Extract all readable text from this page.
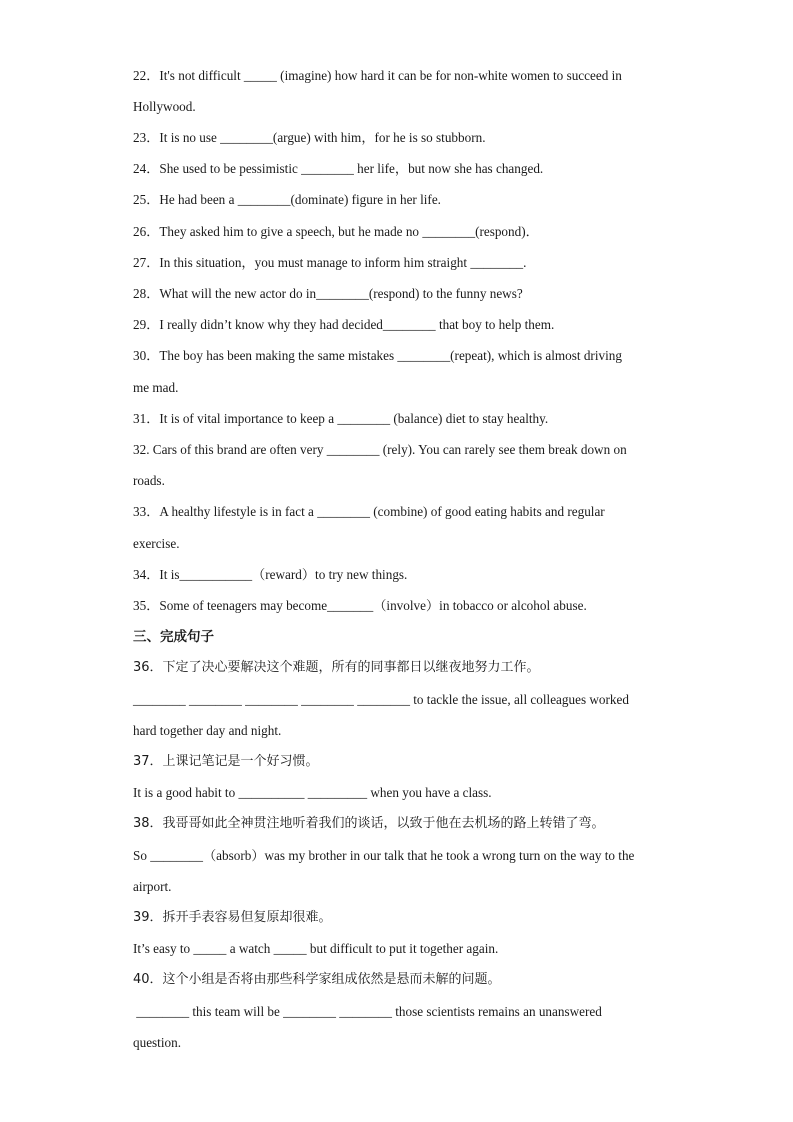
22．It's not difficult _____ (imagine) how hard it can be for non-white women to succeed in
Hollywood.
23．It is no use ________(argue) with him，for he is so stubborn.
24．She used to be pessimistic ________ her life，but now she has changed.
25．He had been a ________(dominate) figure in her life.
26．They asked him to give a speech, but he made no ________(respond)．
27．In this situation，you must manage to inform him straight ________.
28．What will the new actor do in________(respond) to the funny news?
29．I really didn’t know why they had decided________ that boy to help them.
30．The boy has been making the same mistakes ________(repeat), which is almost driving
me mad.
31．It is of vital importance to keep a ________ (balance) diet to stay healthy.
32. Cars of this brand are often very ________ (rely). You can rarely see them break down on
roads.
33．A healthy lifestyle is in fact a ________ (combine) of good eating habits and regular
exercise.
34．It is___________（reward）to try new things.
35．Some of teenagers may become_______（involve）in tobacco or alcohol abuse.
三、完成句子
36．下定了决心要解决这个难题，所有的同事都日以继夜地努力工作。
________ ________ ________ ________ ________ to tackle the issue, all colleagues worked
hard together day and night.
37．上课记笔记是一个好习惯。
It is a good habit to __________ _________ when you have a class.
38．我哥哥如此全神贯注地听着我们的谈话，以致于他在去机场的路上转错了弯。
So ________（absorb）was my brother in our talk that he took a wrong turn on the way to the
airport.
39．拆开手表容易但复原却很难。
It’s easy to _____ a watch _____ but difficult to put it together again.
40．这个小组是否将由那些科学家组成依然是悬而未解的问题。
________ this team will be ________ ________ those scientists remains an unanswered
question.
